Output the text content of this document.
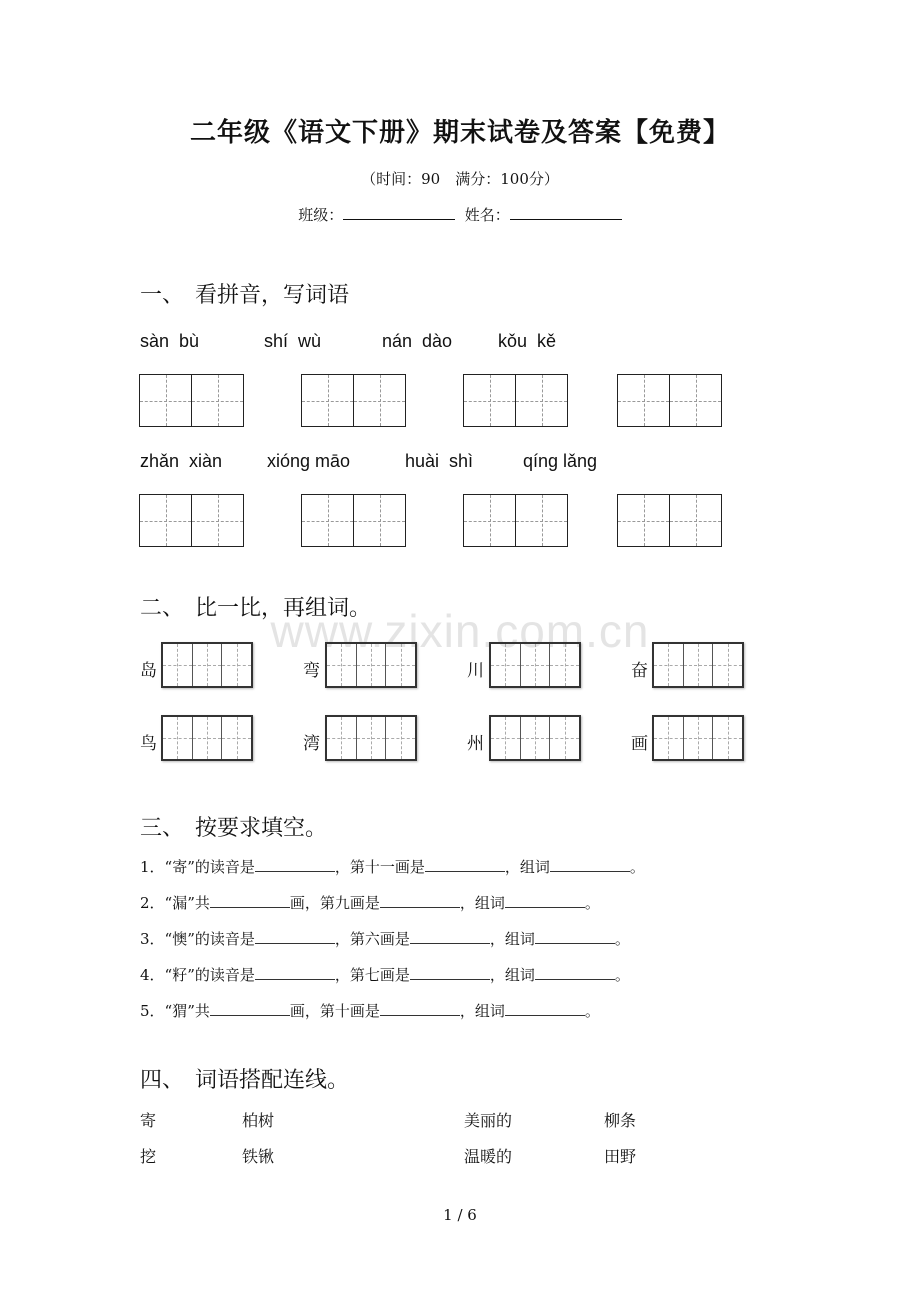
二年级《语文下册》期末试卷及答案【免费】
（时间：90　满分：100分）
班级：	姓名：
一、　看拼音，写词语
sàn  bù	shí  wù	nán  dào	kǒu  kě
zhǎn  xiàn xióng māo	huài  shì	qíng lǎng
二、　比一比，再组词。
www.zixin.com.cn
岛	弯	川	奋
鸟	湾	州	画
三、　按要求填空。
1．“寄”的读音是	，第十一画是	，组词	。
2．“漏”共	画，第九画是	，组词	。
3．“懊”的读音是	，第六画是	，组词	。
4．“籽”的读音是	，第七画是	，组词	。
5．“猬”共	画，第十画是	，组词	。
四、　词语搭配连线。
寄	柏树	美丽的	柳条
挖	铁锹	温暖的	田野
1 / 6
